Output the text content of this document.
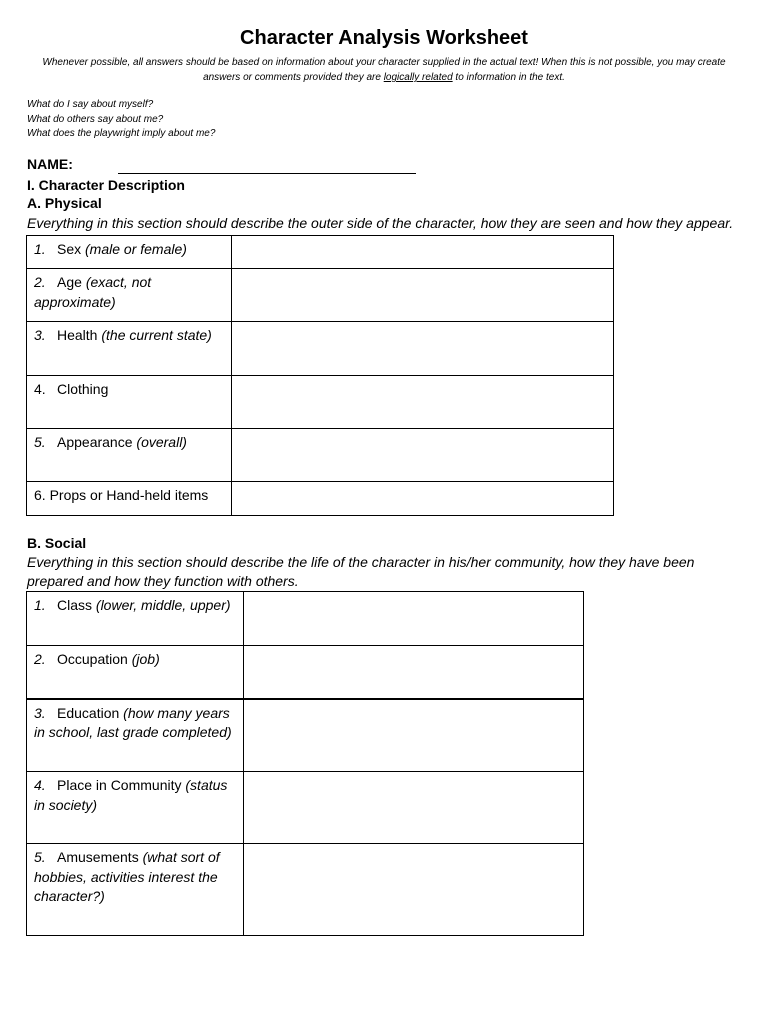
Character Analysis Worksheet
Whenever possible, all answers should be based on information about your character supplied in the actual text! When this is not possible, you may create
answers or comments provided they are logically related to information in the text.
What do I say about myself?
What do others say about me?
What does the playwright imply about me?
NAME:
I. Character Description
A. Physical
Everything in this section should describe the outer side of the character, how they are seen and how they appear.
1. Sex (male or female)	
2. Age (exact, not approximate)	
3. Health (the current state)	
4. Clothing	
5. Appearance (overall)	
6. Props or Hand-held items	
B. Social
Everything in this section should describe the life of the character in his/her community, how they have been
prepared and how they function with others.
1. Class (lower, middle, upper)	
2. Occupation (job)	
3. Education (how many years in school, last grade completed)	
4. Place in Community (status in society)	
5. Amusements (what sort of hobbies, activities interest the character?)	
